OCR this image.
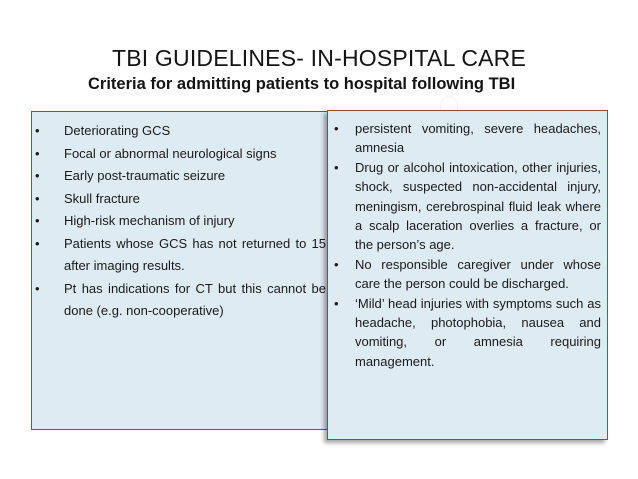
TBI GUIDELINES- IN-HOSPITAL CARE
Criteria for admitting patients to hospital following TBI
• Deteriorating GCS
• Focal or abnormal neurological signs
• Early post-traumatic seizure
• Skull fracture
• High-risk mechanism of injury
• Patients whose GCS has not returned to 15 after imaging results.
• Pt has indications for CT but this cannot be done (e.g. non-cooperative)
• persistent vomiting, severe headaches, amnesia
• Drug or alcohol intoxication, other injuries, shock, suspected non-accidental injury, meningism, cerebrospinal fluid leak where a scalp laceration overlies a fracture, or the person’s age.
• No responsible caregiver under whose care the person could be discharged.
• ‘Mild’ head injuries with symptoms such as headache, photophobia, nausea and vomiting, or amnesia requiring management.
